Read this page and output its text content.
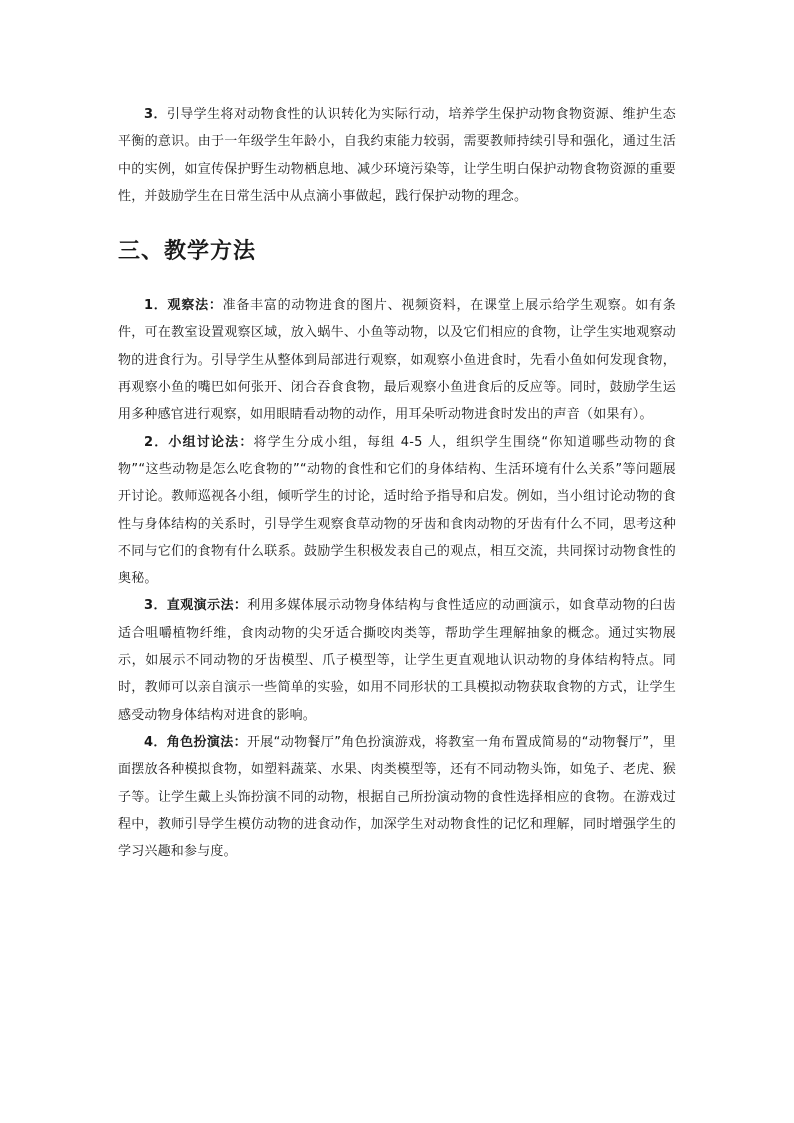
3．引导学生将对动物食性的认识转化为实际行动，培养学生保护动物食物资源、维护生态平衡的意识。由于一年级学生年龄小，自我约束能力较弱，需要教师持续引导和强化，通过生活中的实例，如宣传保护野生动物栖息地、减少环境污染等，让学生明白保护动物食物资源的重要性，并鼓励学生在日常生活中从点滴小事做起，践行保护动物的理念。

三、教学方法

1．观察法：准备丰富的动物进食的图片、视频资料，在课堂上展示给学生观察。如有条件，可在教室设置观察区域，放入蜗牛、小鱼等动物，以及它们相应的食物，让学生实地观察动物的进食行为。引导学生从整体到局部进行观察，如观察小鱼进食时，先看小鱼如何发现食物，再观察小鱼的嘴巴如何张开、闭合吞食食物，最后观察小鱼进食后的反应等。同时，鼓励学生运用多种感官进行观察，如用眼睛看动物的动作，用耳朵听动物进食时发出的声音（如果有）。

2．小组讨论法：将学生分成小组，每组 4-5 人，组织学生围绕“你知道哪些动物的食物”“这些动物是怎么吃食物的”“动物的食性和它们的身体结构、生活环境有什么关系”等问题展开讨论。教师巡视各小组，倾听学生的讨论，适时给予指导和启发。例如，当小组讨论动物的食性与身体结构的关系时，引导学生观察食草动物的牙齿和食肉动物的牙齿有什么不同，思考这种不同与它们的食物有什么联系。鼓励学生积极发表自己的观点，相互交流，共同探讨动物食性的奥秘。

3．直观演示法：利用多媒体展示动物身体结构与食性适应的动画演示，如食草动物的臼齿适合咀嚼植物纤维，食肉动物的尖牙适合撕咬肉类等，帮助学生理解抽象的概念。通过实物展示，如展示不同动物的牙齿模型、爪子模型等，让学生更直观地认识动物的身体结构特点。同时，教师可以亲自演示一些简单的实验，如用不同形状的工具模拟动物获取食物的方式，让学生感受动物身体结构对进食的影响。

4．角色扮演法：开展“动物餐厅”角色扮演游戏，将教室一角布置成简易的“动物餐厅”，里面摆放各种模拟食物，如塑料蔬菜、水果、肉类模型等，还有不同动物头饰，如兔子、老虎、猴子等。让学生戴上头饰扮演不同的动物，根据自己所扮演动物的食性选择相应的食物。在游戏过程中，教师引导学生模仿动物的进食动作，加深学生对动物食性的记忆和理解，同时增强学生的学习兴趣和参与度。
